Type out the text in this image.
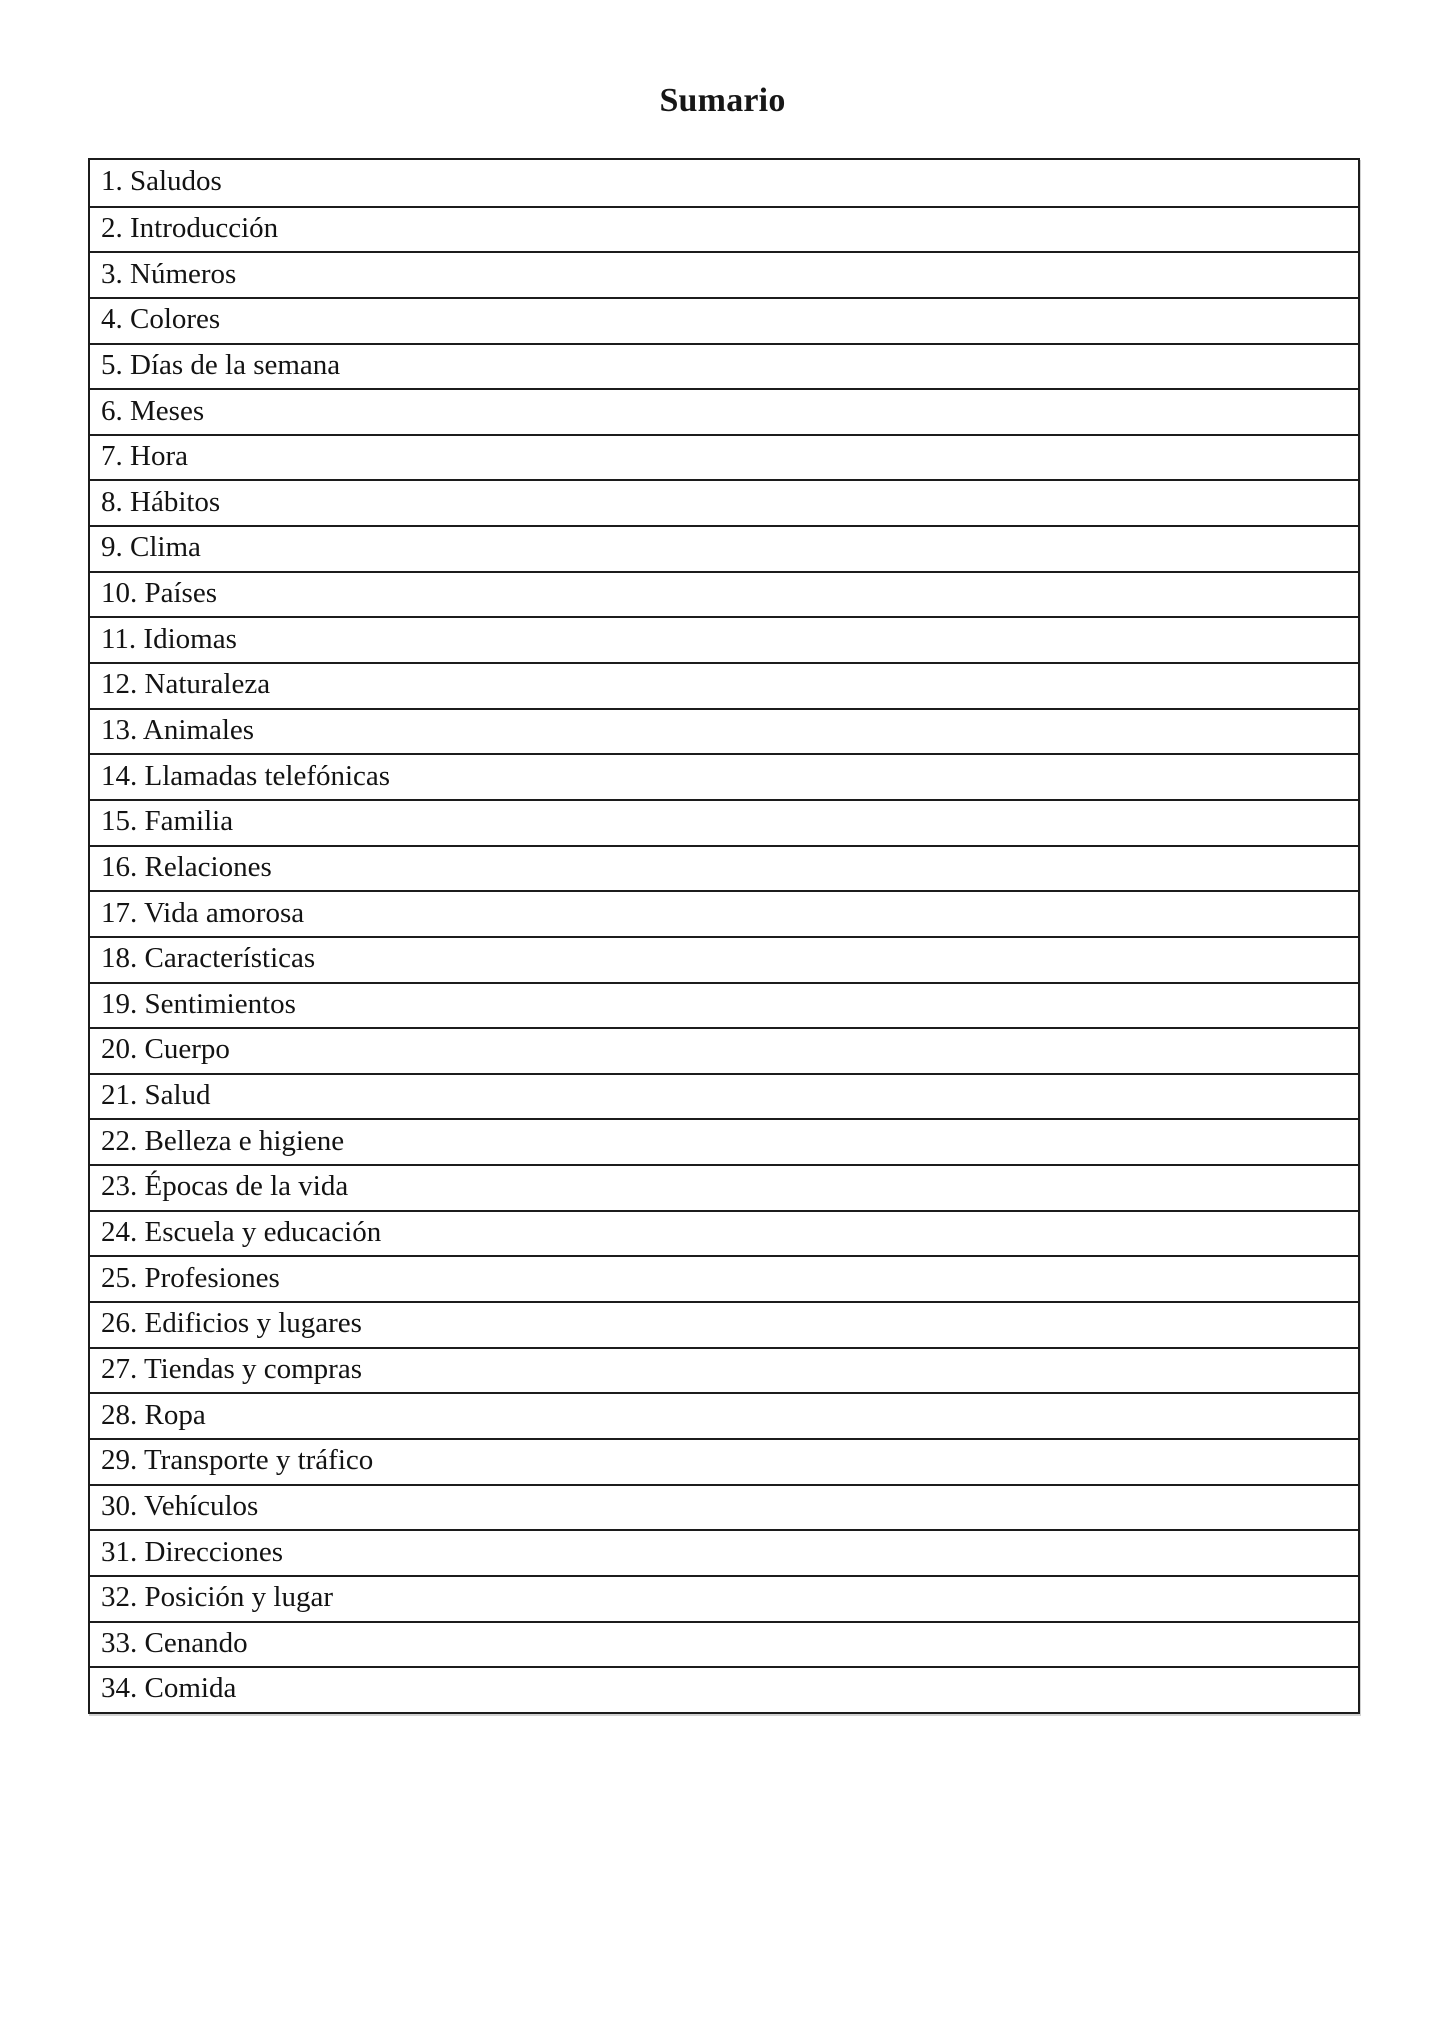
Sumario
1. Saludos
2. Introducción
3. Números
4. Colores
5. Días de la semana
6. Meses
7. Hora
8. Hábitos
9. Clima
10. Países
11. Idiomas
12. Naturaleza
13. Animales
14. Llamadas telefónicas
15. Familia
16. Relaciones
17. Vida amorosa
18. Características
19. Sentimientos
20. Cuerpo
21. Salud
22. Belleza e higiene
23. Épocas de la vida
24. Escuela y educación
25. Profesiones
26. Edificios y lugares
27. Tiendas y compras
28. Ropa
29. Transporte y tráfico
30. Vehículos
31. Direcciones
32. Posición y lugar
33. Cenando
34. Comida
